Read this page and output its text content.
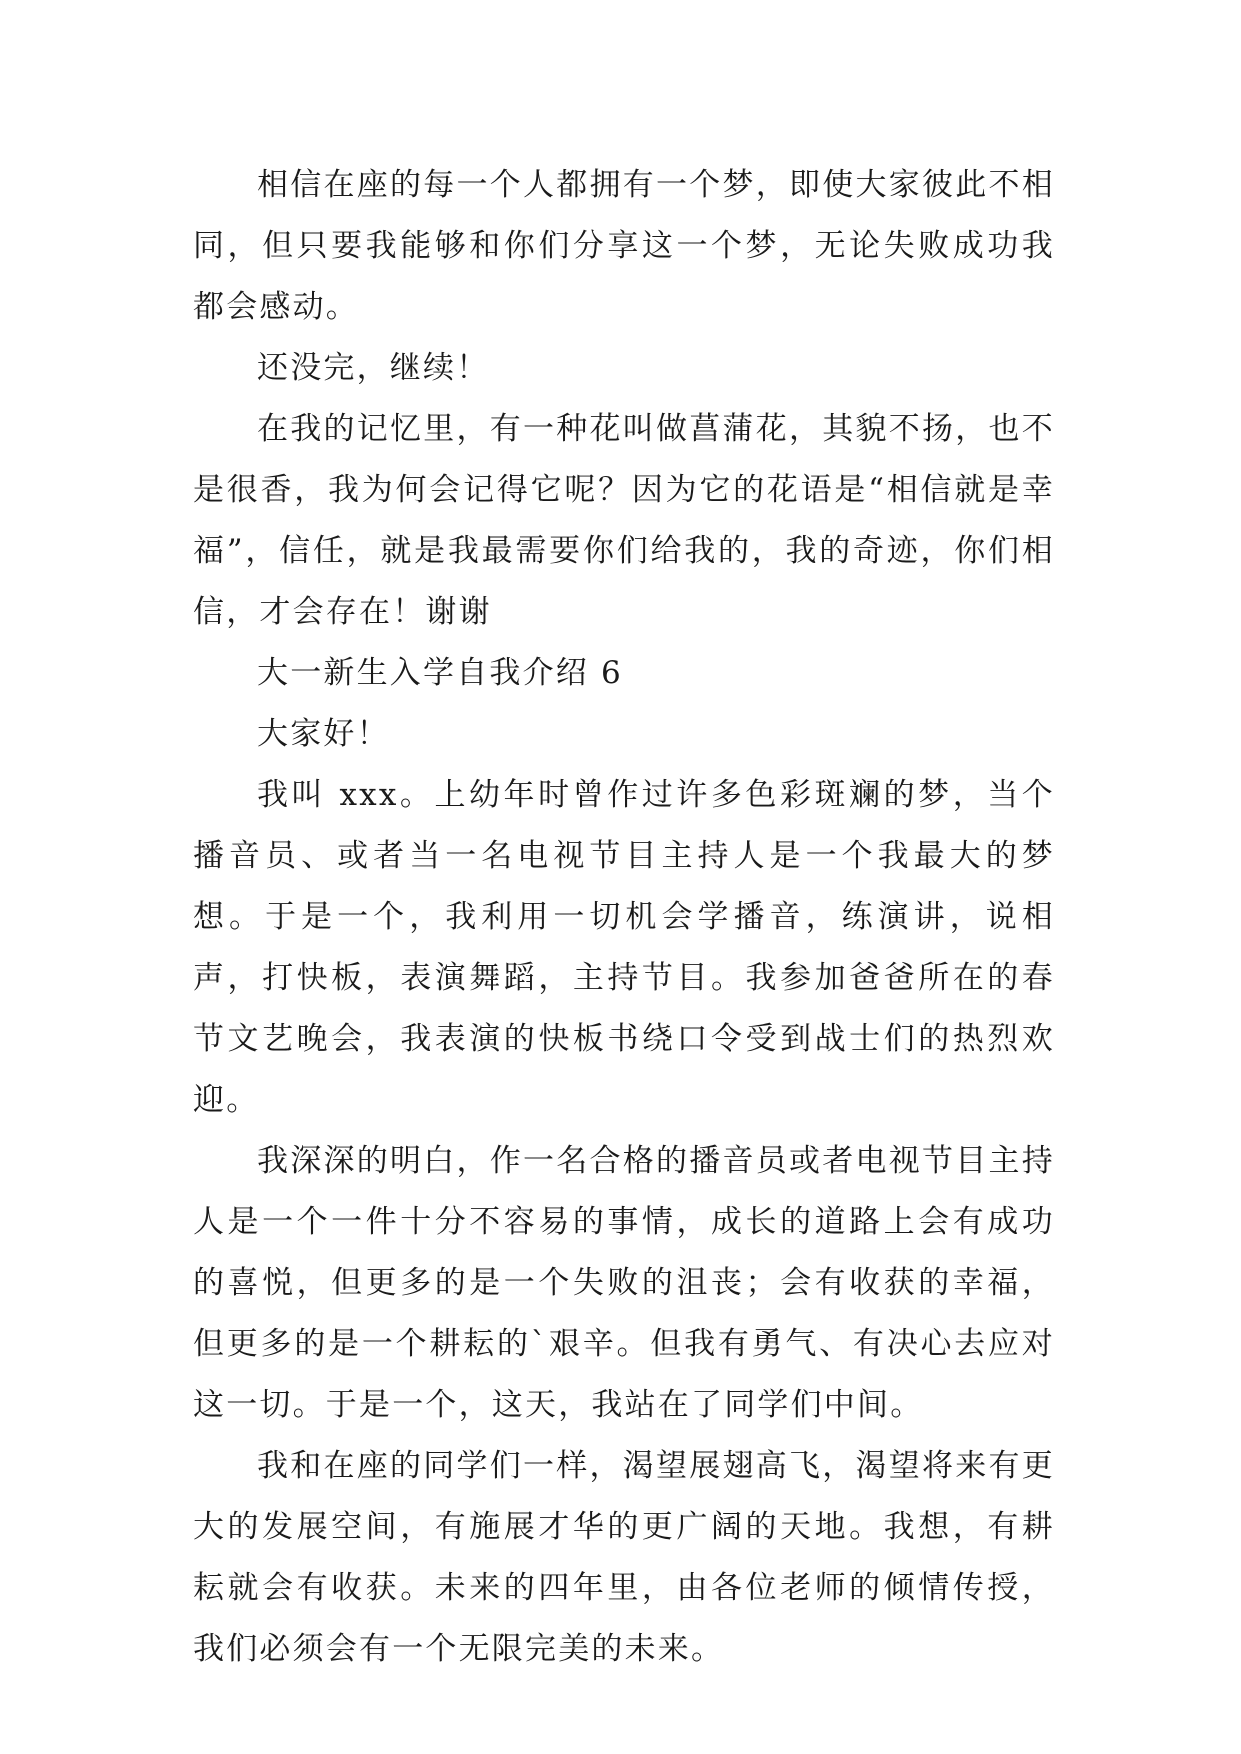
相信在座的每一个人都拥有一个梦，即使大家彼此不相同，但只要我能够和你们分享这一个梦，无论失败成功我都会感动。

还没完，继续！

在我的记忆里，有一种花叫做菖蒲花，其貌不扬，也不是很香，我为何会记得它呢？因为它的花语是“相信就是幸福”，信任，就是我最需要你们给我的，我的奇迹，你们相信，才会存在！谢谢

大一新生入学自我介绍 6

大家好！

我叫 xxx。上幼年时曾作过许多色彩斑斓的梦，当个播音员、或者当一名电视节目主持人是一个我最大的梦想。于是一个，我利用一切机会学播音，练演讲，说相声，打快板，表演舞蹈，主持节目。我参加爸爸所在的春节文艺晚会，我表演的快板书绕口令受到战士们的热烈欢迎。

我深深的明白，作一名合格的播音员或者电视节目主持人是一个一件十分不容易的事情，成长的道路上会有成功的喜悦，但更多的是一个失败的沮丧；会有收获的幸福，但更多的是一个耕耘的`艰辛。但我有勇气、有决心去应对这一切。于是一个，这天，我站在了同学们中间。

我和在座的同学们一样，渴望展翅高飞，渴望将来有更大的发展空间，有施展才华的更广阔的天地。我想，有耕耘就会有收获。未来的四年里，由各位老师的倾情传授，我们必须会有一个无限完美的未来。
